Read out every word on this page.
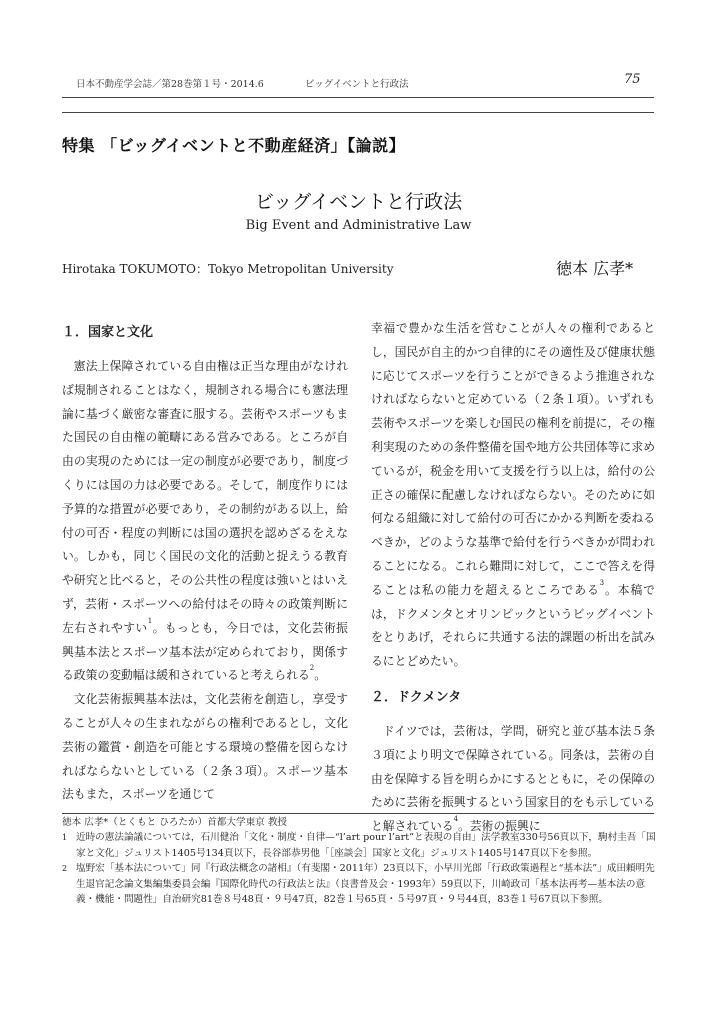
日本不動産学会誌／第28巻第１号・2014.6	ビッグイベントと行政法	75
特集 「ビッグイベントと不動産経済」【論説】
ビッグイベントと行政法
Big Event and Administrative Law
Hirotaka TOKUMOTO：Tokyo Metropolitan University	徳本 広孝*
１．国家と文化

憲法上保障されている自由権は正当な理由がなければ規制されることはなく，規制される場合にも憲法理論に基づく厳密な審査に服する。芸術やスポーツもまた国民の自由権の範疇にある営みである。ところが自由の実現のためには一定の制度が必要であり，制度づくりには国の力は必要である。そして，制度作りには予算的な措置が必要であり，その制約がある以上，給付の可否・程度の判断には国の選択を認めざるをえない。しかも，同じく国民の文化的活動と捉えうる教育や研究と比べると，その公共性の程度は強いとはいえず，芸術・スポーツへの給付はその時々の政策判断に左右されやすい$^1$。もっとも，今日では，文化芸術振興基本法とスポーツ基本法が定められており，関係する政策の変動幅は緩和されていると考えられる$^2$。

文化芸術振興基本法は，文化芸術を創造し，享受することが人々の生まれながらの権利であるとし，文化芸術の鑑賞・創造を可能とする環境の整備を図らなければならないとしている（２条３項）。スポーツ基本法もまた，スポーツを通じて

幸福で豊かな生活を営むことが人々の権利であるとし，国民が自主的かつ自律的にその適性及び健康状態に応じてスポーツを行うことができるよう推進されなければならないと定めている（２条１項）。いずれも芸術やスポーツを楽しむ国民の権利を前提に，その権利実現のための条件整備を国や地方公共団体等に求めているが，税金を用いて支援を行う以上は，給付の公正さの確保に配慮しなければならない。そのために如何なる組織に対して給付の可否にかかる判断を委ねるべきか，どのような基準で給付を行うべきかが問われることになる。これら難問に対して，ここで答えを得ることは私の能力を超えるところである$^3$。本稿では，ドクメンタとオリンピックというビッグイベントをとりあげ，それらに共通する法的課題の析出を試みるにとどめたい。

２．ドクメンタ

ドイツでは，芸術は，学問，研究と並び基本法５条３項により明文で保障されている。同条は，芸術の自由を保障する旨を明らかにするとともに，その保障のために芸術を振興するという国家目的をも示していると解されている$^4$。芸術の振興に

徳本 広孝*（とくもと ひろたか）首都大学東京 教授
1 近時の憲法論議については，石川健治「文化・制度・自律—“l’art pour l’art”と表現の自由」法学教室330号56頁以下，駒村圭吾「国家と文化」ジュリスト1405号134頁以下，長谷部恭男他「［座談会］国家と文化」ジュリスト1405号147頁以下を参照。
2 塩野宏「基本法について」同『行政法概念の諸相』（有斐閣・2011年）23頁以下，小早川光郎「行政政策過程と“基本法”」成田頼明先生退官記念論文集編集委員会編『国際化時代の行政法と法』（良書普及会・1993年）59頁以下，川崎政司「基本法再考—基本法の意義・機能・問題性」自治研究81巻８号48頁・９号47頁，82巻１号65頁・５号97頁・９号44頁，83巻１号67頁以下参照。
